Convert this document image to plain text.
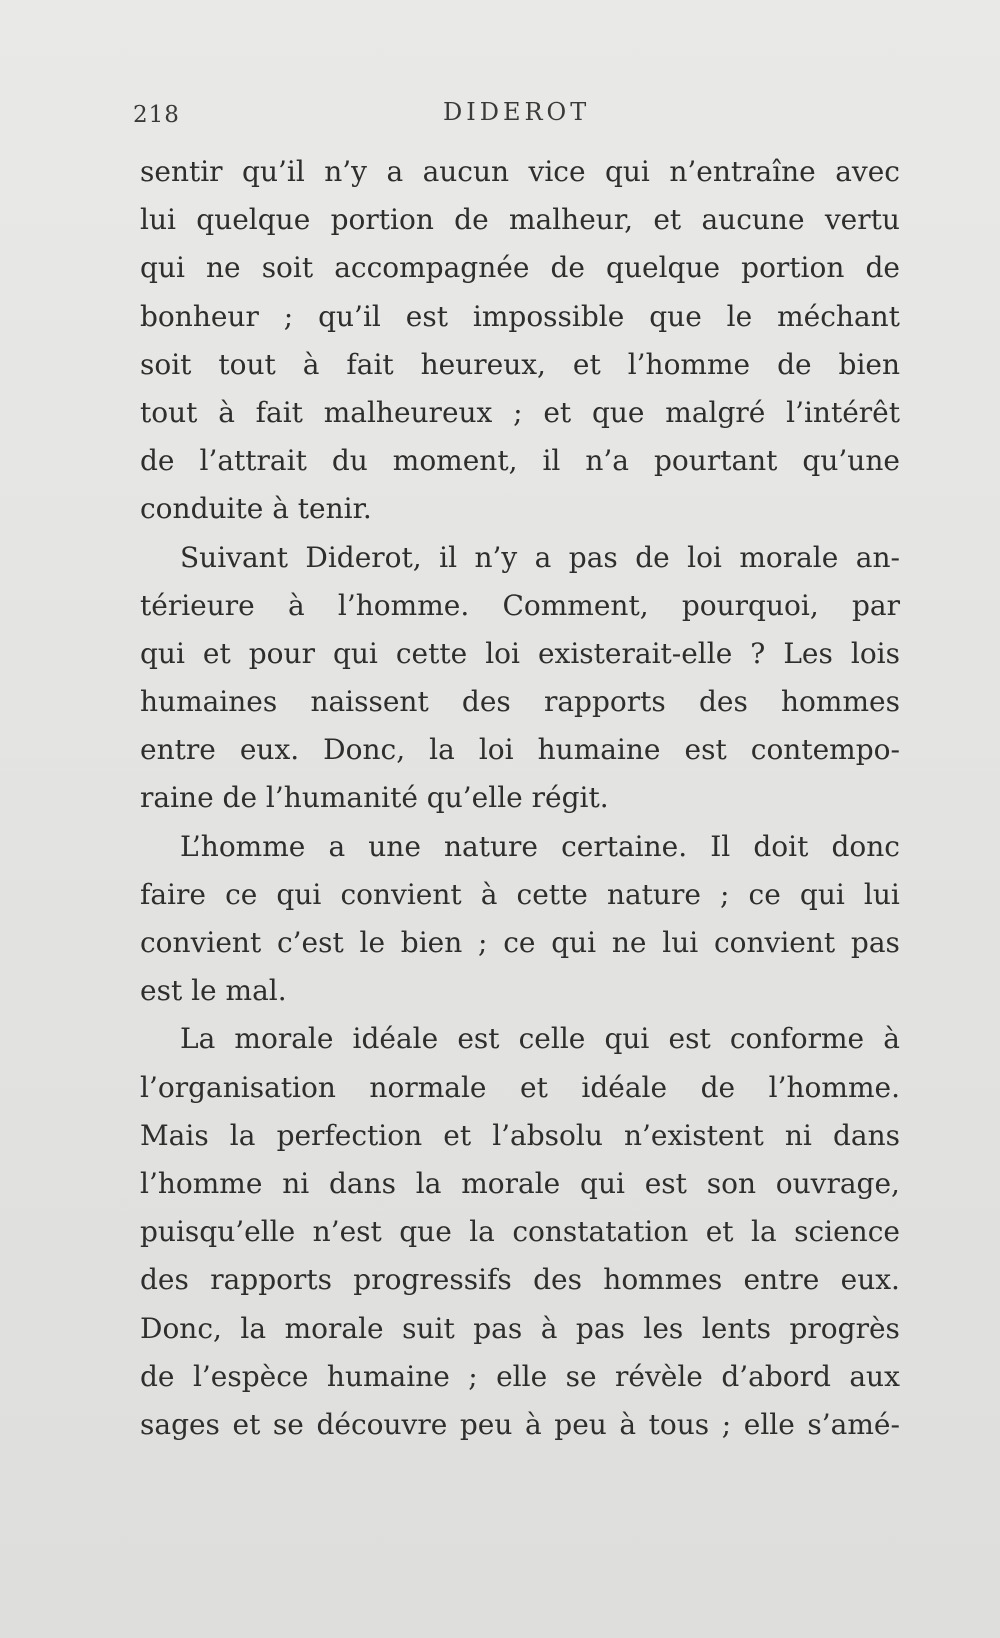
218	DIDEROT
sentir qu’il n’y a aucun vice qui n’entraîne avec
lui quelque portion de malheur, et aucune vertu
qui ne soit accompagnée de quelque portion de
bonheur ; qu’il est impossible que le méchant
soit tout à fait heureux, et l’homme de bien
tout à fait malheureux ; et que malgré l’intérêt
de l’attrait du moment, il n’a pourtant qu’une
conduite à tenir.
Suivant Diderot, il n’y a pas de loi morale an-
térieure à l’homme. Comment, pourquoi, par
qui et pour qui cette loi existerait-elle ? Les lois
humaines naissent des rapports des hommes
entre eux. Donc, la loi humaine est contempo-
raine de l’humanité qu’elle régit.
L’homme a une nature certaine. Il doit donc
faire ce qui convient à cette nature ; ce qui lui
convient c’est le bien ; ce qui ne lui convient pas
est le mal.
La morale idéale est celle qui est conforme à
l’organisation normale et idéale de l’homme.
Mais la perfection et l’absolu n’existent ni dans
l’homme ni dans la morale qui est son ouvrage,
puisqu’elle n’est que la constatation et la science
des rapports progressifs des hommes entre eux.
Donc, la morale suit pas à pas les lents progrès
de l’espèce humaine ; elle se révèle d’abord aux
sages et se découvre peu à peu à tous ; elle s’amé-
